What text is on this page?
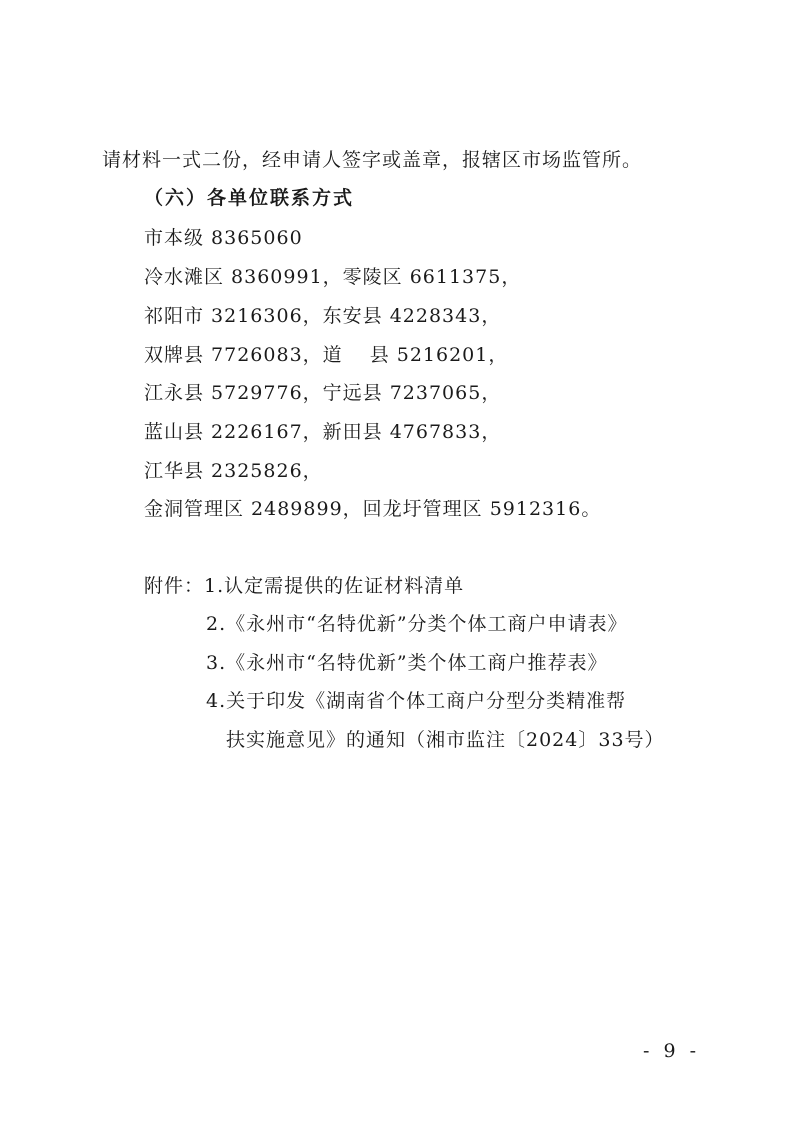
请材料一式二份，经申请人签字或盖章，报辖区市场监管所。
（六）各单位联系方式
市本级 8365060
冷水滩区 8360991，零陵区 6611375，
祁阳市 3216306，东安县 4228343，
双牌县 7726083，道　 县 5216201，
江永县 5729776，宁远县 7237065，
蓝山县 2226167，新田县 4767833，
江华县 2325826，
金洞管理区 2489899，回龙圩管理区 5912316。
附件：1.认定需提供的佐证材料清单
2.《永州市“名特优新”分类个体工商户申请表》
3.《永州市“名特优新”类个体工商户推荐表》
4.关于印发《湖南省个体工商户分型分类精准帮
扶实施意见》的通知（湘市监注〔2024〕33号）
- 9 -
